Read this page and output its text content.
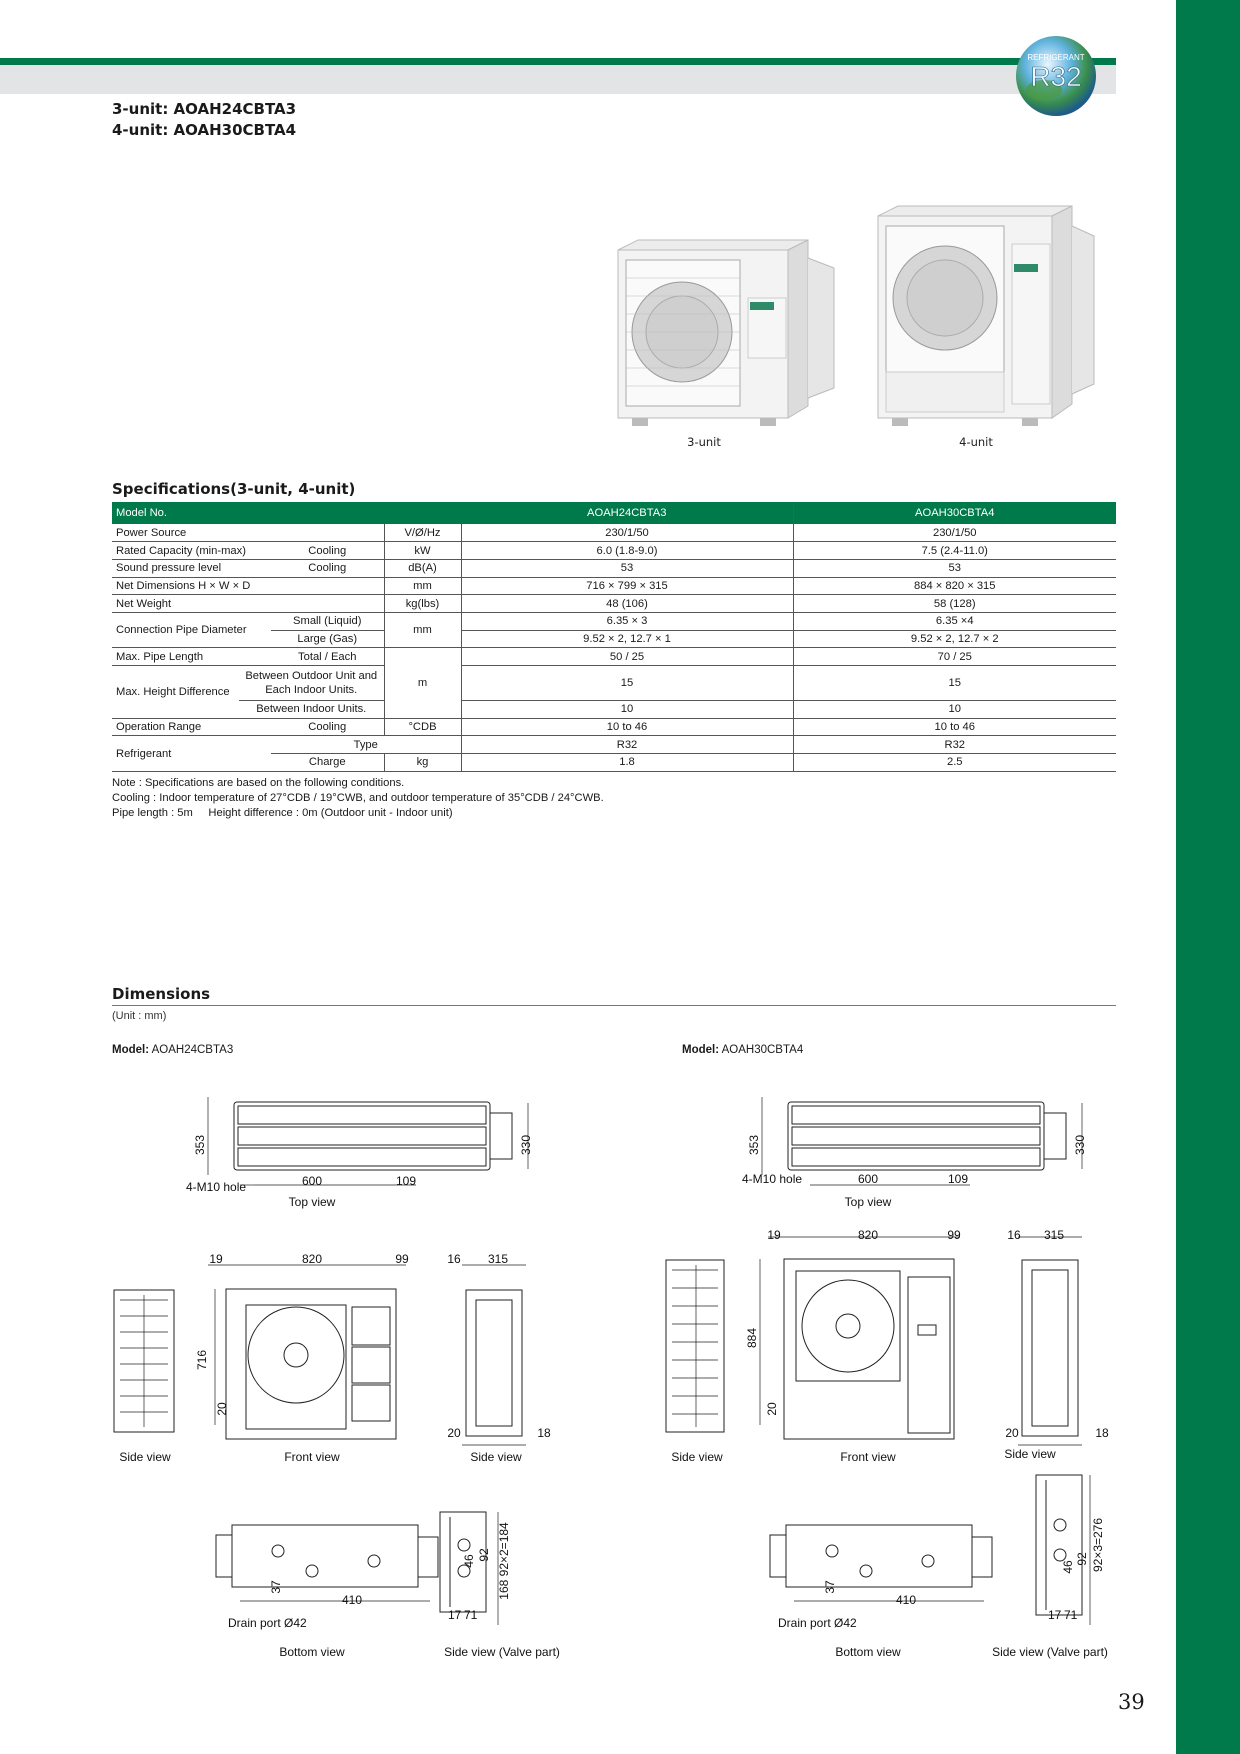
REFRIGERANT
R32
3-unit: AOAH24CBTA3
4-unit: AOAH30CBTA4
3-unit	4-unit
Specifications(3-unit, 4-unit)
Model No.				AOAH24CBTA3	AOAH30CBTA4
Power Source			V/Ø/Hz	230/1/50	230/1/50
Rated Capacity (min-max)		Cooling	kW	6.0 (1.8-9.0)	7.5 (2.4-11.0)
Sound pressure level		Cooling	dB(A)	53	53
Net Dimensions H × W × D			mm	716 × 799 × 315	884 × 820 × 315
Net Weight			kg(lbs)	48 (106)	58 (128)
Connection Pipe Diameter		Small (Liquid)	mm	6.35 × 3	6.35 ×4
		Large (Gas)		9.52 × 2, 12.7 × 1	9.52 × 2, 12.7 × 2
Max. Pipe Length		Total / Each	m	50 / 25	70 / 25
Max. Height Difference	Between Outdoor Unit and Each Indoor Units.			15	15
	Between Indoor Units.			10	10
Operation Range		Cooling	°CDB	10 to 46	10 to 46
Refrigerant		Type		R32	R32
		Charge	kg	1.8	2.5
Note : Specifications are based on the following conditions.
Cooling : Indoor temperature of 27°CDB / 19°CWB, and outdoor temperature of 35°CDB / 24°CWB.
Pipe length : 5m     Height difference : 0m (Outdoor unit - Indoor unit)
Dimensions
(Unit : mm)
Model: AOAH24CBTA3	Model: AOAH30CBTA4
353	330
600	109
4-M10 hole
Top view
19	820	99
716
20
16 315
20	18
Side view	Front view	Side view
37
410
Drain port Ø42
Bottom view
46 92 168 92×2=184
17 71
Side view (Valve part)
353	330
600	109
4-M10 hole
Top view
19	820	99
884
20
16 315
20	18
Side view	Front view	Side view
37
410
Drain port Ø42
Bottom view
46
92 92×3=276
17 71
Side view (Valve part)
39
